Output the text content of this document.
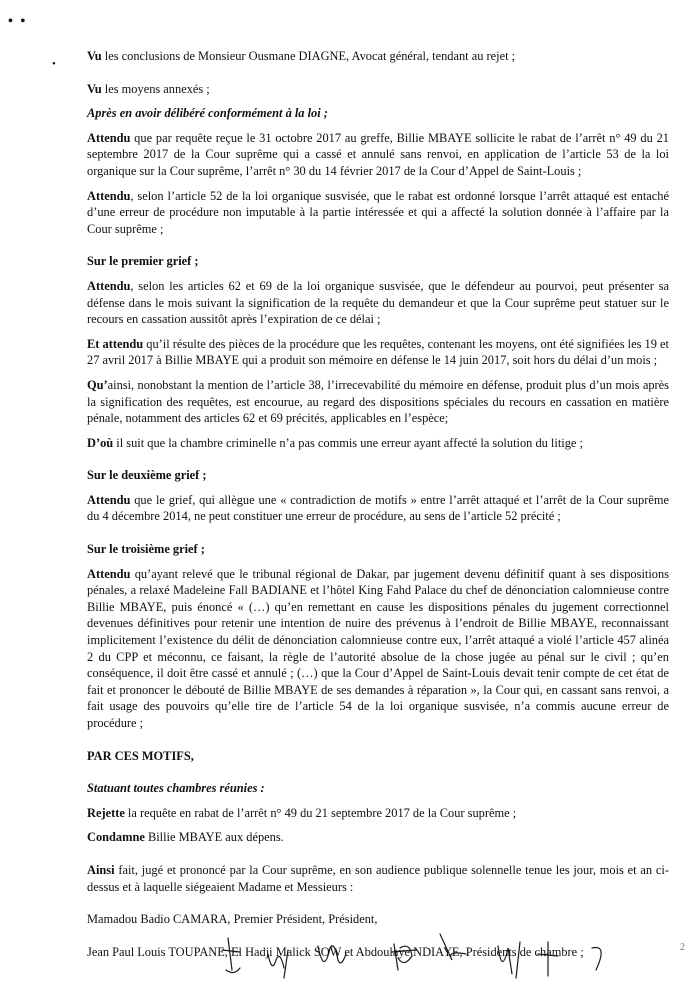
• •
•

Vu les conclusions de Monsieur Ousmane DIAGNE, Avocat général, tendant au rejet ;

Vu les moyens annexés ;

Après en avoir délibéré conformément à la loi ;

Attendu que par requête reçue le 31 octobre 2017 au greffe, Billie MBAYE sollicite le rabat de l’arrêt n° 49 du 21 septembre 2017 de la Cour suprême qui a cassé et annulé sans renvoi, en application de l’article 53 de la loi organique sur la Cour suprême, l’arrêt n° 30 du 14 février 2017 de la Cour d’Appel de Saint-Louis ;

Attendu, selon l’article 52 de la loi organique susvisée, que le rabat est ordonné lorsque l’arrêt attaqué est entaché d’une erreur de procédure non imputable à la partie intéressée et qui a affecté la solution donnée à l’affaire par la Cour suprême ;

Sur le premier grief ;

Attendu, selon les articles 62 et 69 de la loi organique susvisée, que le défendeur au pourvoi, peut présenter sa défense dans le mois suivant la signification de la requête du demandeur et que la Cour suprême peut statuer sur le recours en cassation aussitôt après l’expiration de ce délai ;

Et attendu qu’il résulte des pièces de la procédure que les requêtes, contenant les moyens, ont été signifiées les 19 et 27 avril 2017 à Billie MBAYE qui a produit son mémoire en défense le 14 juin 2017, soit hors du délai d’un mois ;

Qu’ainsi, nonobstant la mention de l’article 38, l’irrecevabilité du mémoire en défense, produit plus d’un mois après la signification des requêtes, est encourue, au regard des dispositions spéciales du recours en cassation en matière pénale, notamment des articles 62 et 69 précités, applicables en l’espèce;

D’où il suit que la chambre criminelle n’a pas commis une erreur ayant affecté la solution du litige ;

Sur le deuxième grief ;

Attendu que le grief, qui allègue une « contradiction de motifs » entre l’arrêt attaqué et l’arrêt de la Cour suprême du 4 décembre 2014, ne peut constituer une erreur de procédure, au sens de l’article 52 précité ;

Sur le troisième grief ;

Attendu qu’ayant relevé que le tribunal régional de Dakar, par jugement devenu définitif quant à ses dispositions pénales, a relaxé Madeleine Fall BADIANE et l’hôtel King Fahd Palace du chef de dénonciation calomnieuse contre Billie MBAYE, puis énoncé « (…) qu’en remettant en cause les dispositions pénales du jugement correctionnel devenues définitives pour retenir une intention de nuire des prévenus à l’endroit de Billie MBAYE, reconnaissant implicitement l’existence du délit de dénonciation calomnieuse contre eux, l’arrêt attaqué a violé l’article 457 alinéa 2 du CPP et méconnu, ce faisant, la règle de l’autorité absolue de la chose jugée au pénal sur le civil ; qu’en conséquence, il doit être cassé et annulé ; (…) que la Cour d’Appel de Saint-Louis devait tenir compte de cet état de fait et prononcer le débouté de Billie MBAYE de ses demandes à réparation », la Cour qui, en cassant sans renvoi, a fait usage des pouvoirs qu’elle tire de l’article 54 de la loi organique susvisée, n’a commis aucune erreur de procédure ;

PAR CES MOTIFS,

Statuant toutes chambres réunies :

Rejette la requête en rabat de l’arrêt n° 49 du 21 septembre 2017 de la Cour suprême ;

Condamne Billie MBAYE aux dépens.

Ainsi fait, jugé et prononcé par la Cour suprême, en son audience publique solennelle tenue les jour, mois et an ci-dessus et à laquelle siégeaient Madame et Messieurs :

Mamadou Badio CAMARA, Premier Président, Président,

Jean Paul Louis TOUPANE, El Hadji Malick SOW et Abdoulaye NDIAYE, Présidents de chambre ;	2
